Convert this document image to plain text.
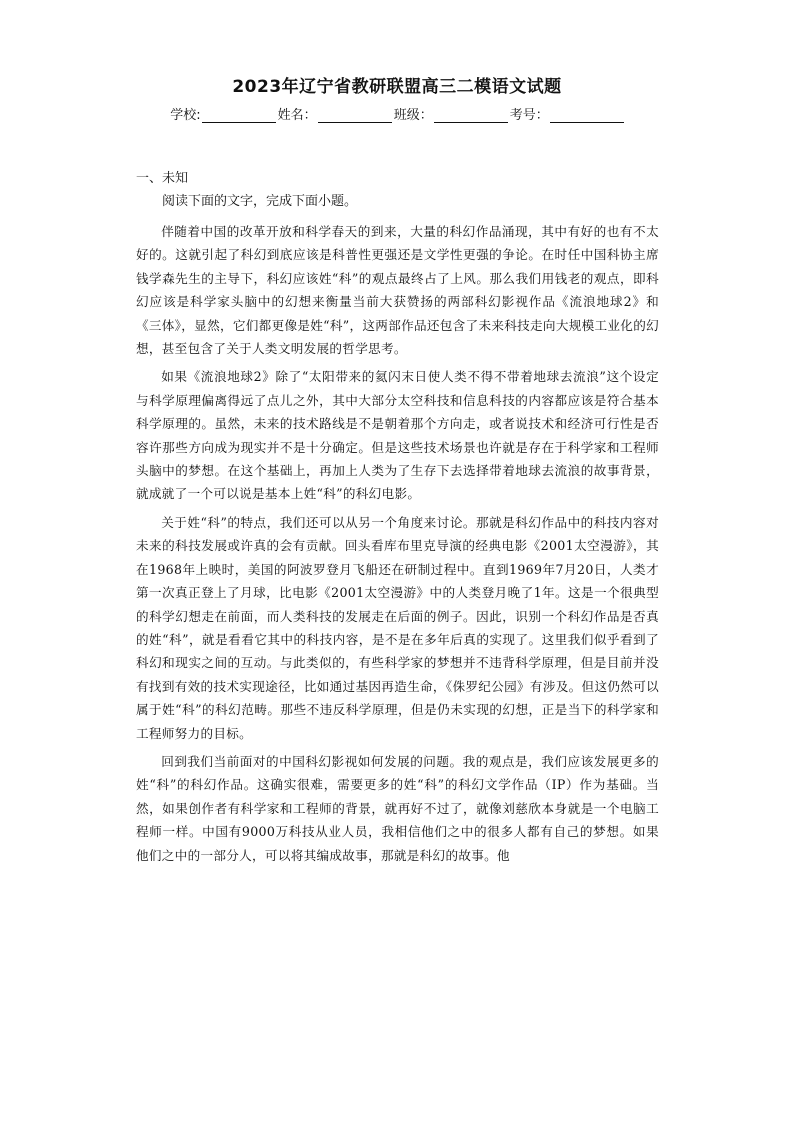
2023年辽宁省教研联盟高三二模语文试题
学校:	姓名：	班级：	考号：
一、未知
阅读下面的文字，完成下面小题。

伴随着中国的改革开放和科学春天的到来，大量的科幻作品涌现，其中有好的也有不太好的。这就引起了科幻到底应该是科普性更强还是文学性更强的争论。在时任中国科协主席钱学森先生的主导下，科幻应该姓“科”的观点最终占了上风。那么我们用钱老的观点，即科幻应该是科学家头脑中的幻想来衡量当前大获赞扬的两部科幻影视作品《流浪地球2》和《三体》，显然，它们都更像是姓“科”，这两部作品还包含了未来科技走向大规模工业化的幻想，甚至包含了关于人类文明发展的哲学思考。

如果《流浪地球2》除了“太阳带来的氦闪末日使人类不得不带着地球去流浪”这个设定与科学原理偏离得远了点儿之外，其中大部分太空科技和信息科技的内容都应该是符合基本科学原理的。虽然，未来的技术路线是不是朝着那个方向走，或者说技术和经济可行性是否容许那些方向成为现实并不是十分确定。但是这些技术场景也许就是存在于科学家和工程师头脑中的梦想。在这个基础上，再加上人类为了生存下去选择带着地球去流浪的故事背景，就成就了一个可以说是基本上姓“科”的科幻电影。

关于姓“科”的特点，我们还可以从另一个角度来讨论。那就是科幻作品中的科技内容对未来的科技发展或许真的会有贡献。回头看库布里克导演的经典电影《2001太空漫游》，其在1968年上映时，美国的阿波罗登月飞船还在研制过程中。直到1969年7月20日，人类才第一次真正登上了月球，比电影《2001太空漫游》中的人类登月晚了1年。这是一个很典型的科学幻想走在前面，而人类科技的发展走在后面的例子。因此，识别一个科幻作品是否真的姓“科”，就是看看它其中的科技内容，是不是在多年后真的实现了。这里我们似乎看到了科幻和现实之间的互动。与此类似的，有些科学家的梦想并不违背科学原理，但是目前并没有找到有效的技术实现途径，比如通过基因再造生命，《侏罗纪公园》有涉及。但这仍然可以属于姓“科”的科幻范畴。那些不违反科学原理，但是仍未实现的幻想，正是当下的科学家和工程师努力的目标。

回到我们当前面对的中国科幻影视如何发展的问题。我的观点是，我们应该发展更多的姓“科”的科幻作品。这确实很难，需要更多的姓“科”的科幻文学作品（IP）作为基础。当然，如果创作者有科学家和工程师的背景，就再好不过了，就像刘慈欣本身就是一个电脑工程师一样。中国有9000万科技从业人员，我相信他们之中的很多人都有自己的梦想。如果他们之中的一部分人，可以将其编成故事，那就是科幻的故事。他
